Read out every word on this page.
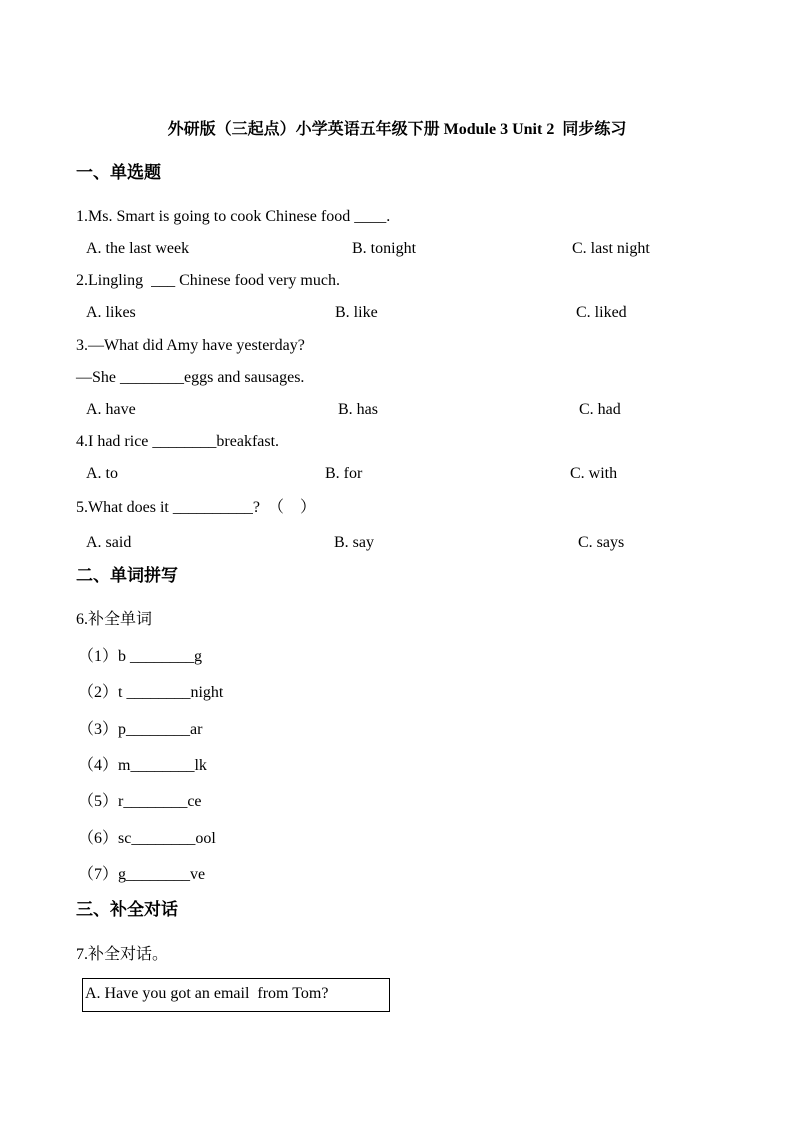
外研版（三起点）小学英语五年级下册 Module 3 Unit 2  同步练习
一、单选题
1.Ms. Smart is going to cook Chinese food ____.
A. the last week	B. tonight	C. last night
2.Lingling  ___ Chinese food very much.
A. likes	B. like	C. liked
3.—What did Amy have yesterday?
—She ________eggs and sausages.
A. have	B. has	C. had
4.I had rice ________breakfast.
A. to	B. for	C. with
5.What does it __________?  （    ）
A. said	B. say	C. says
二、单词拼写
6.补全单词
（1）b ________g
（2）t ________night
（3）p________ar
（4）m________lk
（5）r________ce
（6）sc________ool
（7）g________ve
三、补全对话
7.补全对话。
A. Have you got an email  from Tom?
